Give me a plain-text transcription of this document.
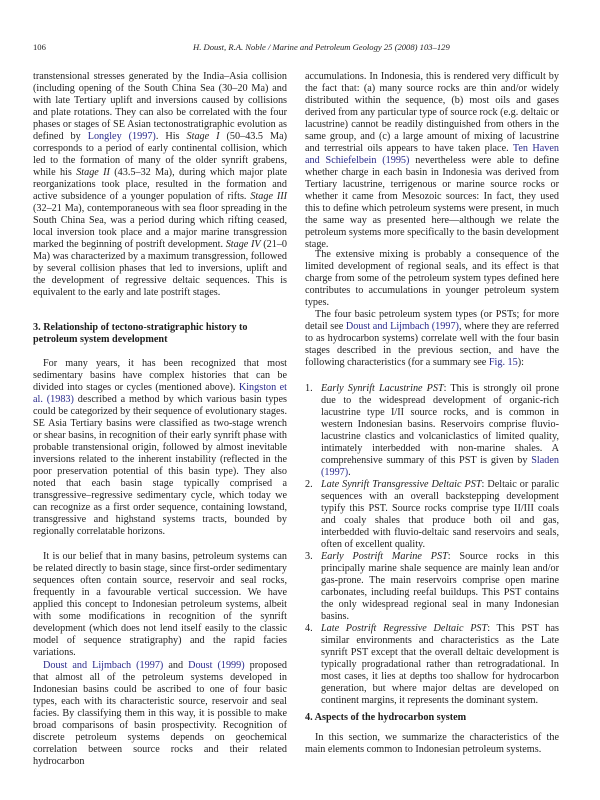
106	H. Doust, R.A. Noble / Marine and Petroleum Geology 25 (2008) 103–129
transtensional stresses generated by the India–Asia collision (including opening of the South China Sea (30–20 Ma) and with late Tertiary uplift and inversions caused by collisions and plate rotations. They can also be correlated with the four phases or stages of SE Asian tectonostratigraphic evolution as defined by Longley (1997). His Stage I (50–43.5 Ma) corresponds to a period of early continental collision, which led to the formation of many of the older synrift grabens, while his Stage II (43.5–32 Ma), during which major plate reorganizations took place, resulted in the formation and active subsidence of a younger population of rifts. Stage III (32–21 Ma), contemporaneous with sea floor spreading in the South China Sea, was a period during which rifting ceased, local inversion took place and a major marine transgression marked the beginning of postrift development. Stage IV (21–0 Ma) was characterized by a maximum transgression, followed by several collision phases that led to inversions, uplift and the development of regressive deltaic sequences. This is equivalent to the early and late postrift stages.
3. Relationship of tectono-stratigraphic history to petroleum system development
For many years, it has been recognized that most sedimentary basins have complex histories that can be divided into stages or cycles (mentioned above). Kingston et al. (1983) described a method by which various basin types could be categorized by their sequence of evolutionary stages. SE Asia Tertiary basins were classified as two-stage wrench or shear basins, in recognition of their early synrift phase with probable transtensional origin, followed by almost inevitable inversions related to the inherent instability (reflected in the poor preservation potential of this basin type). They also noted that each basin stage typically comprised a transgressive–regressive sedimentary cycle, which today we can recognize as a first order sequence, containing lowstand, transgressive and highstand systems tracts, bounded by regionally correlatable horizons.
It is our belief that in many basins, petroleum systems can be related directly to basin stage, since first-order sedimentary sequences often contain source, reservoir and seal rocks, frequently in a favourable vertical succession. We have applied this concept to Indonesian petroleum systems, albeit with some modifications in recognition of the synrift development (which does not lend itself easily to the classic model of sequence stratigraphy) and the rapid facies variations.
Doust and Lijmbach (1997) and Doust (1999) proposed that almost all of the petroleum systems developed in Indonesian basins could be ascribed to one of four basic types, each with its characteristic source, reservoir and seal facies. By classifying them in this way, it is possible to make broad comparisons of basin prospectivity. Recognition of discrete petroleum systems depends on geochemical correlation between source rocks and their related hydrocarbon
accumulations. In Indonesia, this is rendered very difficult by the fact that: (a) many source rocks are thin and/or widely distributed within the sequence, (b) most oils and gases derived from any particular type of source rock (e.g. deltaic or lacustrine) cannot be readily distinguished from others in the same group, and (c) a large amount of mixing of lacustrine and terrestrial oils appears to have taken place. Ten Haven and Schiefelbein (1995) nevertheless were able to define whether charge in each basin in Indonesia was derived from Tertiary lacustrine, terrigenous or marine source rocks or whether it came from Mesozoic sources: In fact, they used this to define which petroleum systems were present, in much the same way as presented here—although we relate the petroleum systems more specifically to the basin development stage.
The extensive mixing is probably a consequence of the limited development of regional seals, and its effect is that charge from some of the petroleum system types defined here contributes to accumulations in younger petroleum system types.
The four basic petroleum system types (or PSTs; for more detail see Doust and Lijmbach (1997), where they are referred to as hydrocarbon systems) correlate well with the four basin stages described in the previous section, and have the following characteristics (for a summary see Fig. 15):
1. Early Synrift Lacustrine PST: This is strongly oil prone due to the widespread development of organic-rich lacustrine type I/II source rocks, and is common in western Indonesian basins. Reservoirs comprise fluvio-lacustrine clastics and volcaniclastics of limited quality, intimately interbedded with non-marine shales. A comprehensive summary of this PST is given by Sladen (1997).
2. Late Synrift Transgressive Deltaic PST: Deltaic or paralic sequences with an overall backstepping development typify this PST. Source rocks comprise type II/III coals and coaly shales that produce both oil and gas, interbedded with fluvio-deltaic sand reservoirs and seals, often of excellent quality.
3. Early Postrift Marine PST: Source rocks in this principally marine shale sequence are mainly lean and/or gas-prone. The main reservoirs comprise open marine carbonates, including reefal buildups. This PST contains the only widespread regional seal in many Indonesian basins.
4. Late Postrift Regressive Deltaic PST: This PST has similar environments and characteristics as the Late synrift PST except that the overall deltaic development is typically progradational rather than retrogradational. In most cases, it lies at depths too shallow for hydrocarbon generation, but where major deltas are developed on continent margins, it represents the dominant system.
4. Aspects of the hydrocarbon system
In this section, we summarize the characteristics of the main elements common to Indonesian petroleum systems.
